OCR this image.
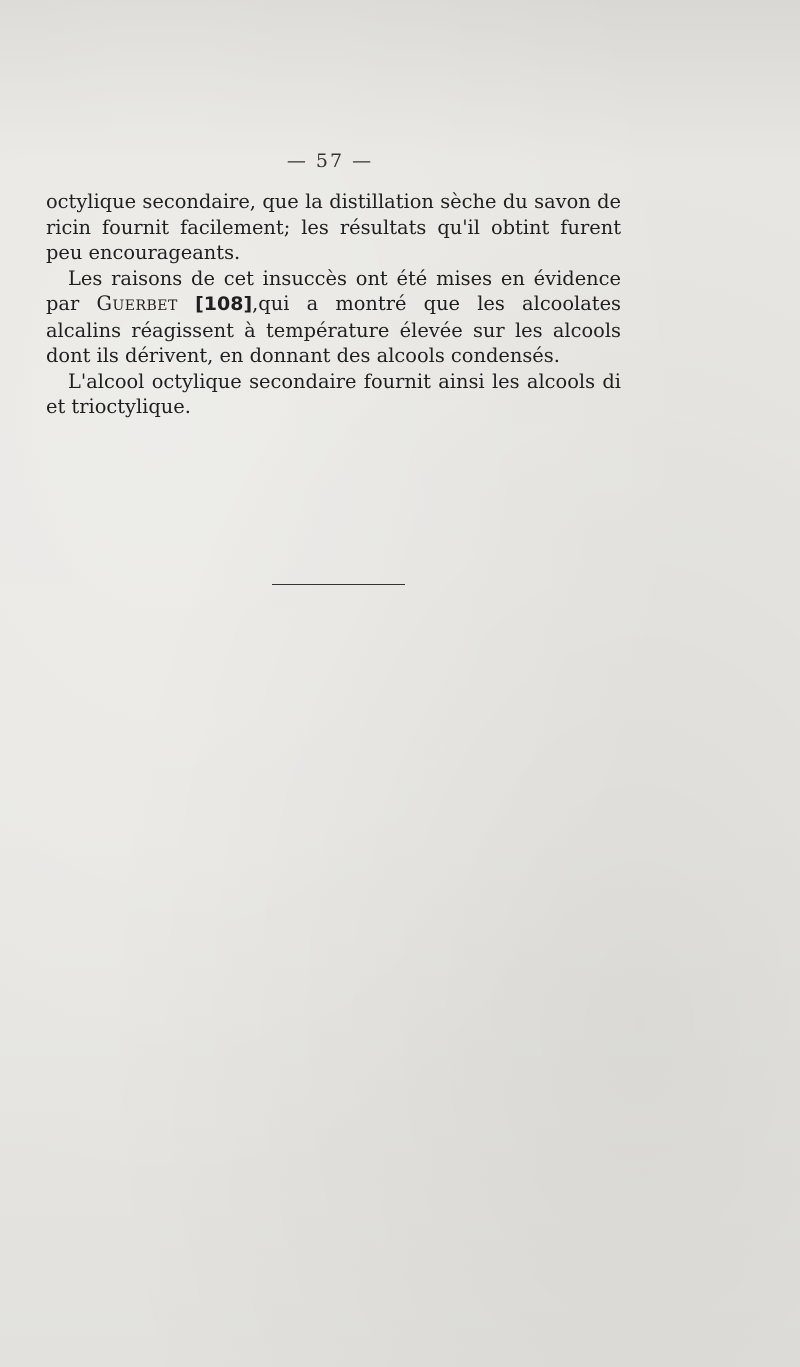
— 57 —

octylique secondaire, que la distillation sèche du savon de ricin fournit facilement; les résultats qu'il obtint furent peu encourageants.

Les raisons de cet insuccès ont été mises en évidence par Guerbet [108],qui a montré que les alcoolates alcalins réagissent à température élevée sur les alcools dont ils dérivent, en donnant des alcools condensés.

L'alcool octylique secondaire fournit ainsi les alcools di et trioctylique.
